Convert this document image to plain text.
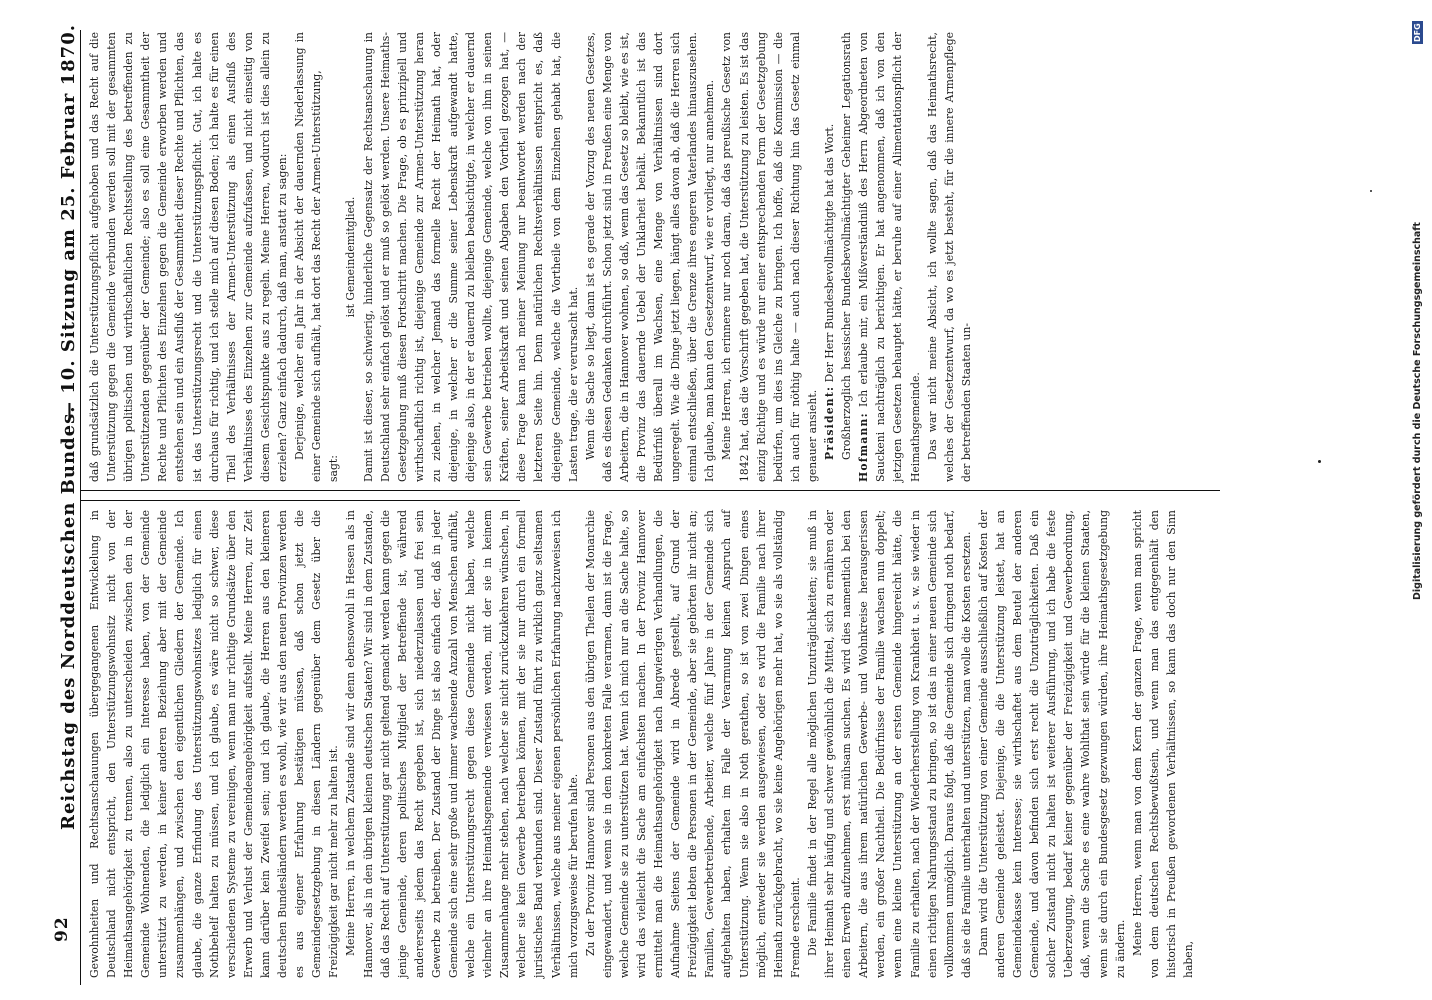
92
Reichstag des Norddeutschen Bundes.
— 10. Sitzung am 25. Februar 1870.

Gewohnheiten und Rechtsanschauungen übergegangenen Entwickelung in Deutschland nicht entspricht, den Unterstützungswohnsitz nicht von der Heimathsangehörigkeit zu trennen, also zu unterscheiden zwischen den in der Gemeinde Wohnenden, die lediglich ein Interesse haben, von der Gemeinde unterstützt zu werden, in keiner anderen Beziehung aber mit der Gemeinde zusammenhängen, und zwischen den eigentlichen Gliedern der Gemeinde. Ich glaube, die ganze Erfindung des Unterstützungswohnsitzes lediglich für einen Nothbehelf halten zu müssen, und ich glaube, es wäre nicht so schwer, diese verschiedenen Systeme zu vereinigen, wenn man nur richtige Grundsätze über den Erwerb und Verlust der Gemeindeangehörigkeit aufstellt. Meine Herren, zur Zeit kann darüber kein Zweifel sein; und ich glaube, die Herren aus den kleineren deutschen Bundesländern werden es wohl, wie wir aus den neuen Provinzen werden es aus eigener Erfahrung bestätigen müssen, daß schon jetzt die Gemeindegesetzgebung in diesen Ländern gegenüber dem Gesetz über die Freizügigkeit gar nicht mehr zu halten ist. Meine Herren, in welchem Zustande sind wir denn ebensowohl in Hessen als in Hannover, als in den übrigen kleinen deutschen Staaten? Wir sind in dem Zustande, daß das Recht auf Unterstützung gar nicht geltend gemacht werden kann gegen die jenige Gemeinde, deren politisches Mitglied der Betreffende ist, während andererseits jedem das Recht gegeben ist, sich niederzulassen und frei sein Gewerbe zu betreiben. Der Zustand der Dinge ist also einfach der, daß in jeder Gemeinde sich eine sehr große und immer wachsende Anzahl von Menschen aufhält, welche ein Unterstützungsrecht gegen diese Gemeinde nicht haben, welche vielmehr an ihre Heimathsgemeinde verwiesen werden, mit der sie in keinem Zusammenhange mehr stehen, nach welcher sie nicht zurückzukehren wünschen, in welcher sie kein Gewerbe betreiben können, mit der sie nur durch ein formell juristisches Band verbunden sind. Dieser Zustand führt zu wirklich ganz seltsamen Verhältnissen, welche aus meiner eigenen persönlichen Erfahrung nachzuweisen ich mich vorzugsweise für berufen halte. Zu der Provinz Hannover sind Personen aus den übrigen Theilen der Monarchie eingewandert, und wenn sie in dem konkreten Falle verarmen, dann ist die Frage, welche Gemeinde sie zu unterstützen hat. Wenn ich mich nur an die Sache halte, so wird das vielleicht die Sache am einfachsten machen. In der Provinz Hannover ermittelt man die Heimathsangehörigkeit nach langwierigen Verhandlungen, die Aufnahme Seitens der Gemeinde wird in Abrede gestellt, auf Grund der Freizügigkeit lebten die Personen in der Gemeinde, aber sie gehörten ihr nicht an; Familien, Gewerbetreibende, Arbeiter, welche fünf Jahre in der Gemeinde sich aufgehalten haben, erhalten im Falle der Verarmung keinen Anspruch auf Unterstützung. Wenn sie also in Noth gerathen, so ist von zwei Dingen eines möglich, entweder sie werden ausgewiesen, oder es wird die Familie nach ihrer Heimath zurückgebracht, wo sie keine Angehörigen mehr hat, wo sie als vollständig Fremde erscheint. Die Familie findet in der Regel alle möglichen Unzuträglichkeiten; sie muß in ihrer Heimath sehr häufig und schwer gewöhnlich die Mittel, sich zu ernähren oder einen Erwerb aufzunehmen, erst mühsam suchen. Es wird dies namentlich bei den Arbeitern, die aus ihrem natürlichen Gewerbe- und Wohnkreise herausgerissen werden, ein großer Nachtheil. Die Bedürfnisse der Familie wachsen nun doppelt; wenn eine kleine Unterstützung an der ersten Gemeinde hingereicht hätte, die Familie zu erhalten, nach der Wiederherstellung von Krankheit u. s. w. sie wieder in einen richtigen Nahrungsstand zu bringen, so ist das in einer neuen Gemeinde sich vollkommen unmöglich. Daraus folgt, daß die Gemeinde sich dringend noth bedarf, daß sie die Familie unterhalten und unterstützen, man wolle die Kosten ersetzen. Dann wird die Unterstützung von einer Gemeinde ausschließlich auf Kosten der anderen Gemeinde geleistet. Diejenige, die die Unterstützung leistet, hat an Gemeindekasse kein Interesse; sie wirthschaftet aus dem Beutel der anderen Gemeinde, und davon befinden sich erst recht die Unzuträglichkeiten. Daß ein solcher Zustand nicht zu halten ist weiterer Ausführung, und ich habe die feste Ueberzeugung, bedarf keiner gegenüber der Freizügigkeit und Gewerbeordnung, daß, wenn die Sache es eine wahre Wohlthat sein würde für die kleinen Staaten, wenn sie durch ein Bundesgesetz gezwungen würden, ihre Heimathsgesetzgebung zu ändern. Meine Herren, wenn man von dem Kern der ganzen Frage, wenn man spricht von dem deutschen Rechtsbewußtsein, und wenn man das entgegenhält den historisch in Preußen gewordenen Verhältnissen, so kann das doch nur den Sinn haben,

daß grundsätzlich die Unterstützungspflicht aufgehoben und das Recht auf die Unterstützung gegen die Gemeinde verbunden werden soll mit der gesammten übrigen politischen und wirthschaftlichen Rechtsstellung des betreffenden zu Unterstützenden gegenüber der Gemeinde; also es soll eine Gesammtheit der Rechte und Pflichten des Einzelnen gegen die Gemeinde erworben werden und entstehen sein und ein Ausfluß der Gesammtheit dieser Rechte und Pflichten, das ist das Unterstützungsrecht und die Unterstützungspflicht. Gut, ich halte es durchaus für richtig, und ich stelle mich auf diesen Boden; ich halte es für einen Theil des Verhältnisses der Armen-Unterstützung als einen Ausfluß des Verhältnisses des Einzelnen zur Gemeinde aufzufassen, und nicht einseitig von diesem Gesichtspunkte aus zu regeln. Meine Herren, wodurch ist dies allein zu erzielen? Ganz einfach dadurch, daß man, anstatt zu sagen: Derjenige, welcher ein Jahr in der Absicht der dauernden Niederlassung in einer Gemeinde sich aufhält, hat dort das Recht der Armen-Unterstützung, sagt:

ist Gemeindemitglied. Damit ist dieser, so schwierig, hinderliche Gegensatz der Rechtsanschauung in Deutschland sehr einfach gelöst und er muß so gelöst werden. Unsere Heimaths-Gesetzgebung muß diesen Fortschritt machen. Die Frage, ob es prinzipiell und wirthschaftlich richtig ist, diejenige Gemeinde zur Armen-Unterstützung heran zu ziehen, in welcher Jemand das formelle Recht der Heimath hat, oder diejenige, in welcher er die Summe seiner Lebenskraft aufgewandt hatte, diejenige also, in der er dauernd zu bleiben beabsichtigte, in welcher er dauernd sein Gewerbe betrieben wollte, diejenige Gemeinde, welche von ihm in seinen Kräften, seiner Arbeitskraft und seinen Abgaben den Vortheil gezogen hat, — diese Frage kann nach meiner Meinung nur beantwortet werden nach der letzteren Seite hin. Denn natürlichen Rechtsverhältnissen entspricht es, daß diejenige Gemeinde, welche die Vortheile von dem Einzelnen gehabt hat, die Lasten trage, die er verursacht hat. Wenn die Sache so liegt, dann ist es gerade der Vorzug des neuen Gesetzes, daß es diesen Gedanken durchführt. Schon jetzt sind in Preußen eine Menge von Arbeitern, die in Hannover wohnen, so daß, wenn das Gesetz so bleibt, wie es ist, die Provinz das dauernde Uebel der Unklarheit behält. Bekanntlich ist das Bedürfniß überall im Wachsen, eine Menge von Verhältnissen sind dort ungeregelt. Wie die Dinge jetzt liegen, hängt alles davon ab, daß die Herren sich einmal entschließen, über die Grenze ihres engeren Vaterlandes hinauszusehen. Ich glaube, man kann den Gesetzentwurf, wie er vorliegt, nur annehmen. Meine Herren, ich erinnere nur noch daran, daß das preußische Gesetz von 1842 hat, das die Vorschrift gegeben hat, die Unterstützung zu leisten. Es ist das einzig Richtige und es würde nur einer entsprechenden Form der Gesetzgebung bedürfen, um dies ins Gleiche zu bringen. Ich hoffe, daß die Kommission — die ich auch für nöthig halte — auch nach dieser Richtung hin das Gesetz einmal genauer ansieht. Präsident: Der Herr Bundesbevollmächtigte hat das Wort. Großherzoglich hessischer Bundesbevollmächtigter Geheimer Legationsrath Hofmann: Ich erlaube mir, ein Mißverständniß des Herrn Abgeordneten von Sauckeni nachträglich zu berichtigen. Er hat angenommen, daß ich von den jetzigen Gesetzen behauptet hätte, er beruhe auf einer Alimentationspflicht der Heimathsgemeinde. Das war nicht meine Absicht, ich wollte sagen, daß das Heimathsrecht, welches der Gesetzentwurf, da wo es jetzt besteht, für die innere Armenpflege der betreffenden Staaten un-

DFG
Digitalisierung gefördert durch die Deutsche Forschungsgemeinschaft
